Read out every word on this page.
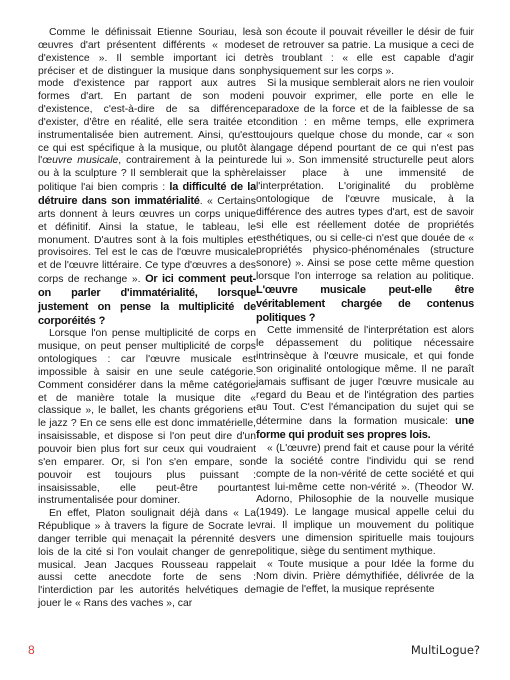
Comme le définissait Etienne Souriau, les œuvres d'art présentent différents « modes d'existence ». Il semble important ici de préciser et de distinguer la musique dans son mode d'existence par rapport aux autres formes d'art. En partant de son mode d'existence, c'est-à-dire de sa différence d'exister, d'être en réalité, elle sera traitée et instrumentalisée bien autrement. Ainsi, qu'est ce qui est spécifique à la musique, ou plutôt à l'œuvre musicale, contrairement à la peinture ou à la sculpture ? Il semblerait que la sphère politique l'ai bien compris : la difficulté de la détruire dans son immatérialité. « Certains arts donnent à leurs œuvres un corps unique et définitif. Ainsi la statue, le tableau, le monument. D'autres sont à la fois multiples et provisoires. Tel est le cas de l'œuvre musicale et de l'œuvre littéraire. Ce type d'œuvres a des corps de rechange ». Or ici comment peut-on parler d'immatérialité, lorsque justement on pense la multiplicité de corporéités ?

Lorsque l'on pense multiplicité de corps en musique, on peut penser multiplicité de corps ontologiques : car l'œuvre musicale est impossible à saisir en une seule catégorie. Comment considérer dans la même catégorie et de manière totale la musique dite « classique », le ballet, les chants grégoriens et le jazz ? En ce sens elle est donc immatérielle, insaisissable, et dispose si l'on peut dire d'un pouvoir bien plus fort sur ceux qui voudraient s'en emparer. Or, si l'on s'en empare, son pouvoir est toujours plus puissant : insaisissable, elle peut-être pourtant instrumentalisée pour dominer.

En effet, Platon soulignait déjà dans « La République » à travers la figure de Socrate le danger terrible qui menaçait la pérennité des lois de la cité si l'on voulait changer de genre musical. Jean Jacques Rousseau rappelait aussi cette anecdote forte de sens : l'interdiction par les autorités helvétiques de jouer le « Rans des vaches », car

à son écoute il pouvait réveiller le désir de fuir et de retrouver sa patrie. La musique a ceci de très troublant : « elle est capable d'agir physiquement sur les corps ».

Si la musique semblerait alors ne rien vouloir ni pouvoir exprimer, elle porte en elle le paradoxe de la force et de la faiblesse de sa condition : en même temps, elle exprimera toujours quelque chose du monde, car « son langage dépend pourtant de ce qui n'est pas de lui ». Son immensité structurelle peut alors laisser place à une immensité de l'interprétation. L'originalité du problème ontologique de l'œuvre musicale, à la différence des autres types d'art, est de savoir si elle est réellement dotée de propriétés esthétiques, ou si celle-ci n'est que douée de « propriétés physico-phénoménales (structure sonore) ». Ainsi se pose cette même question lorsque l'on interroge sa relation au politique. L'œuvre musicale peut-elle être véritablement chargée de contenus politiques ?

Cette immensité de l'interprétation est alors le dépassement du politique nécessaire intrinsèque à l'œuvre musicale, et qui fonde son originalité ontologique même. Il ne paraît jamais suffisant de juger l'œuvre musicale au regard du Beau et de l'intégration des parties au Tout. C'est l'émancipation du sujet qui se détermine dans la formation musicale: une forme qui produit ses propres lois.

« (L'œuvre) prend fait et cause pour la vérité de la société contre l'individu qui se rend compte de la non-vérité de cette société et qui est lui-même cette non-vérité ». (Theodor W. Adorno, Philosophie de la nouvelle musique (1949). Le langage musical appelle celui du vrai. Il implique un mouvement du politique vers une dimension spirituelle mais toujours politique, siège du sentiment mythique.

« Toute musique a pour Idée la forme du Nom divin. Prière démythifiée, délivrée de la magie de l'effet, la musique représente

8	MultiLogue?
